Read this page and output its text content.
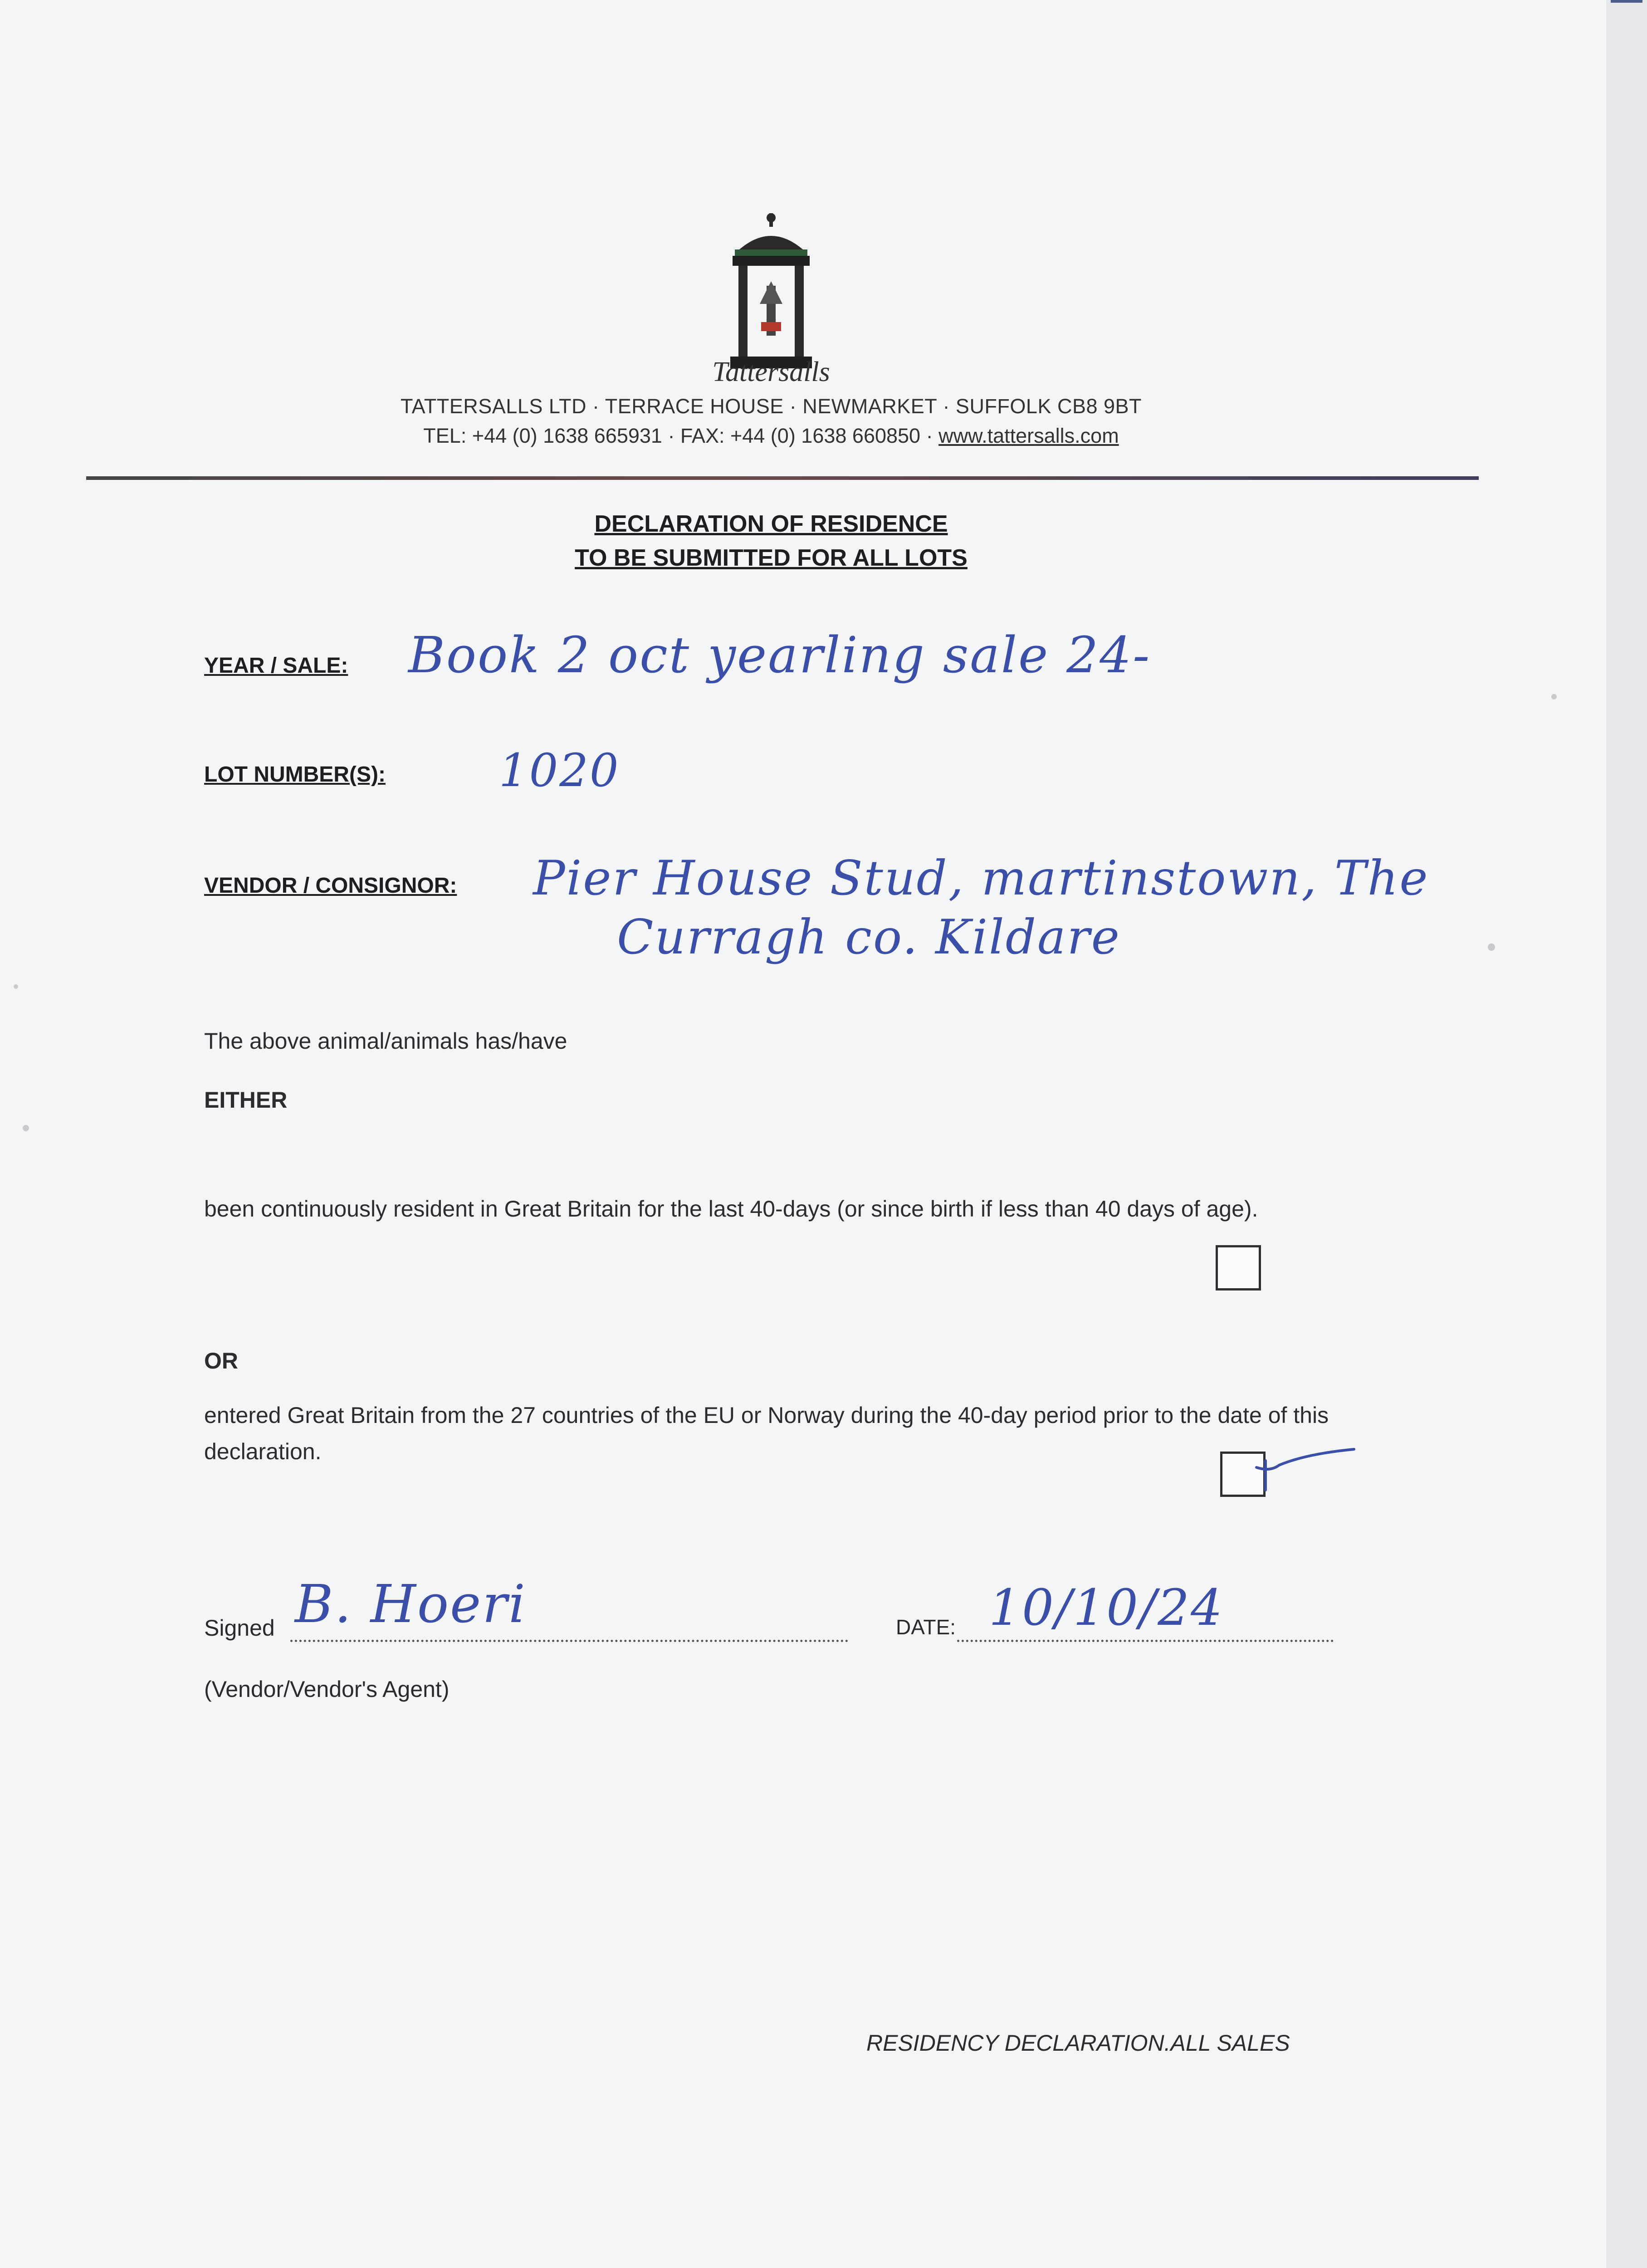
Tattersalls
TATTERSALLS LTD · TERRACE HOUSE · NEWMARKET · SUFFOLK CB8 9BT
TEL: +44 (0) 1638 665931 · FAX: +44 (0) 1638 660850 · www.tattersalls.com
DECLARATION OF RESIDENCE
TO BE SUBMITTED FOR ALL LOTS
YEAR / SALE: Book 2 oct yearling sale 24-
LOT NUMBER(S):	1020
VENDOR / CONSIGNOR: Pier House Stud, martinstown, The
Curragh co. Kildare
The above animal/animals has/have
EITHER
been continuously resident in Great Britain for the last 40-days (or since birth if less than 40 days of age).
OR
entered Great Britain from the 27 countries of the EU or Norway during the 40-day period prior to the date of this declaration.
Signed B. Hoeri	DATE: 10/10/24
(Vendor/Vendor's Agent)
RESIDENCY DECLARATION.ALL SALES
